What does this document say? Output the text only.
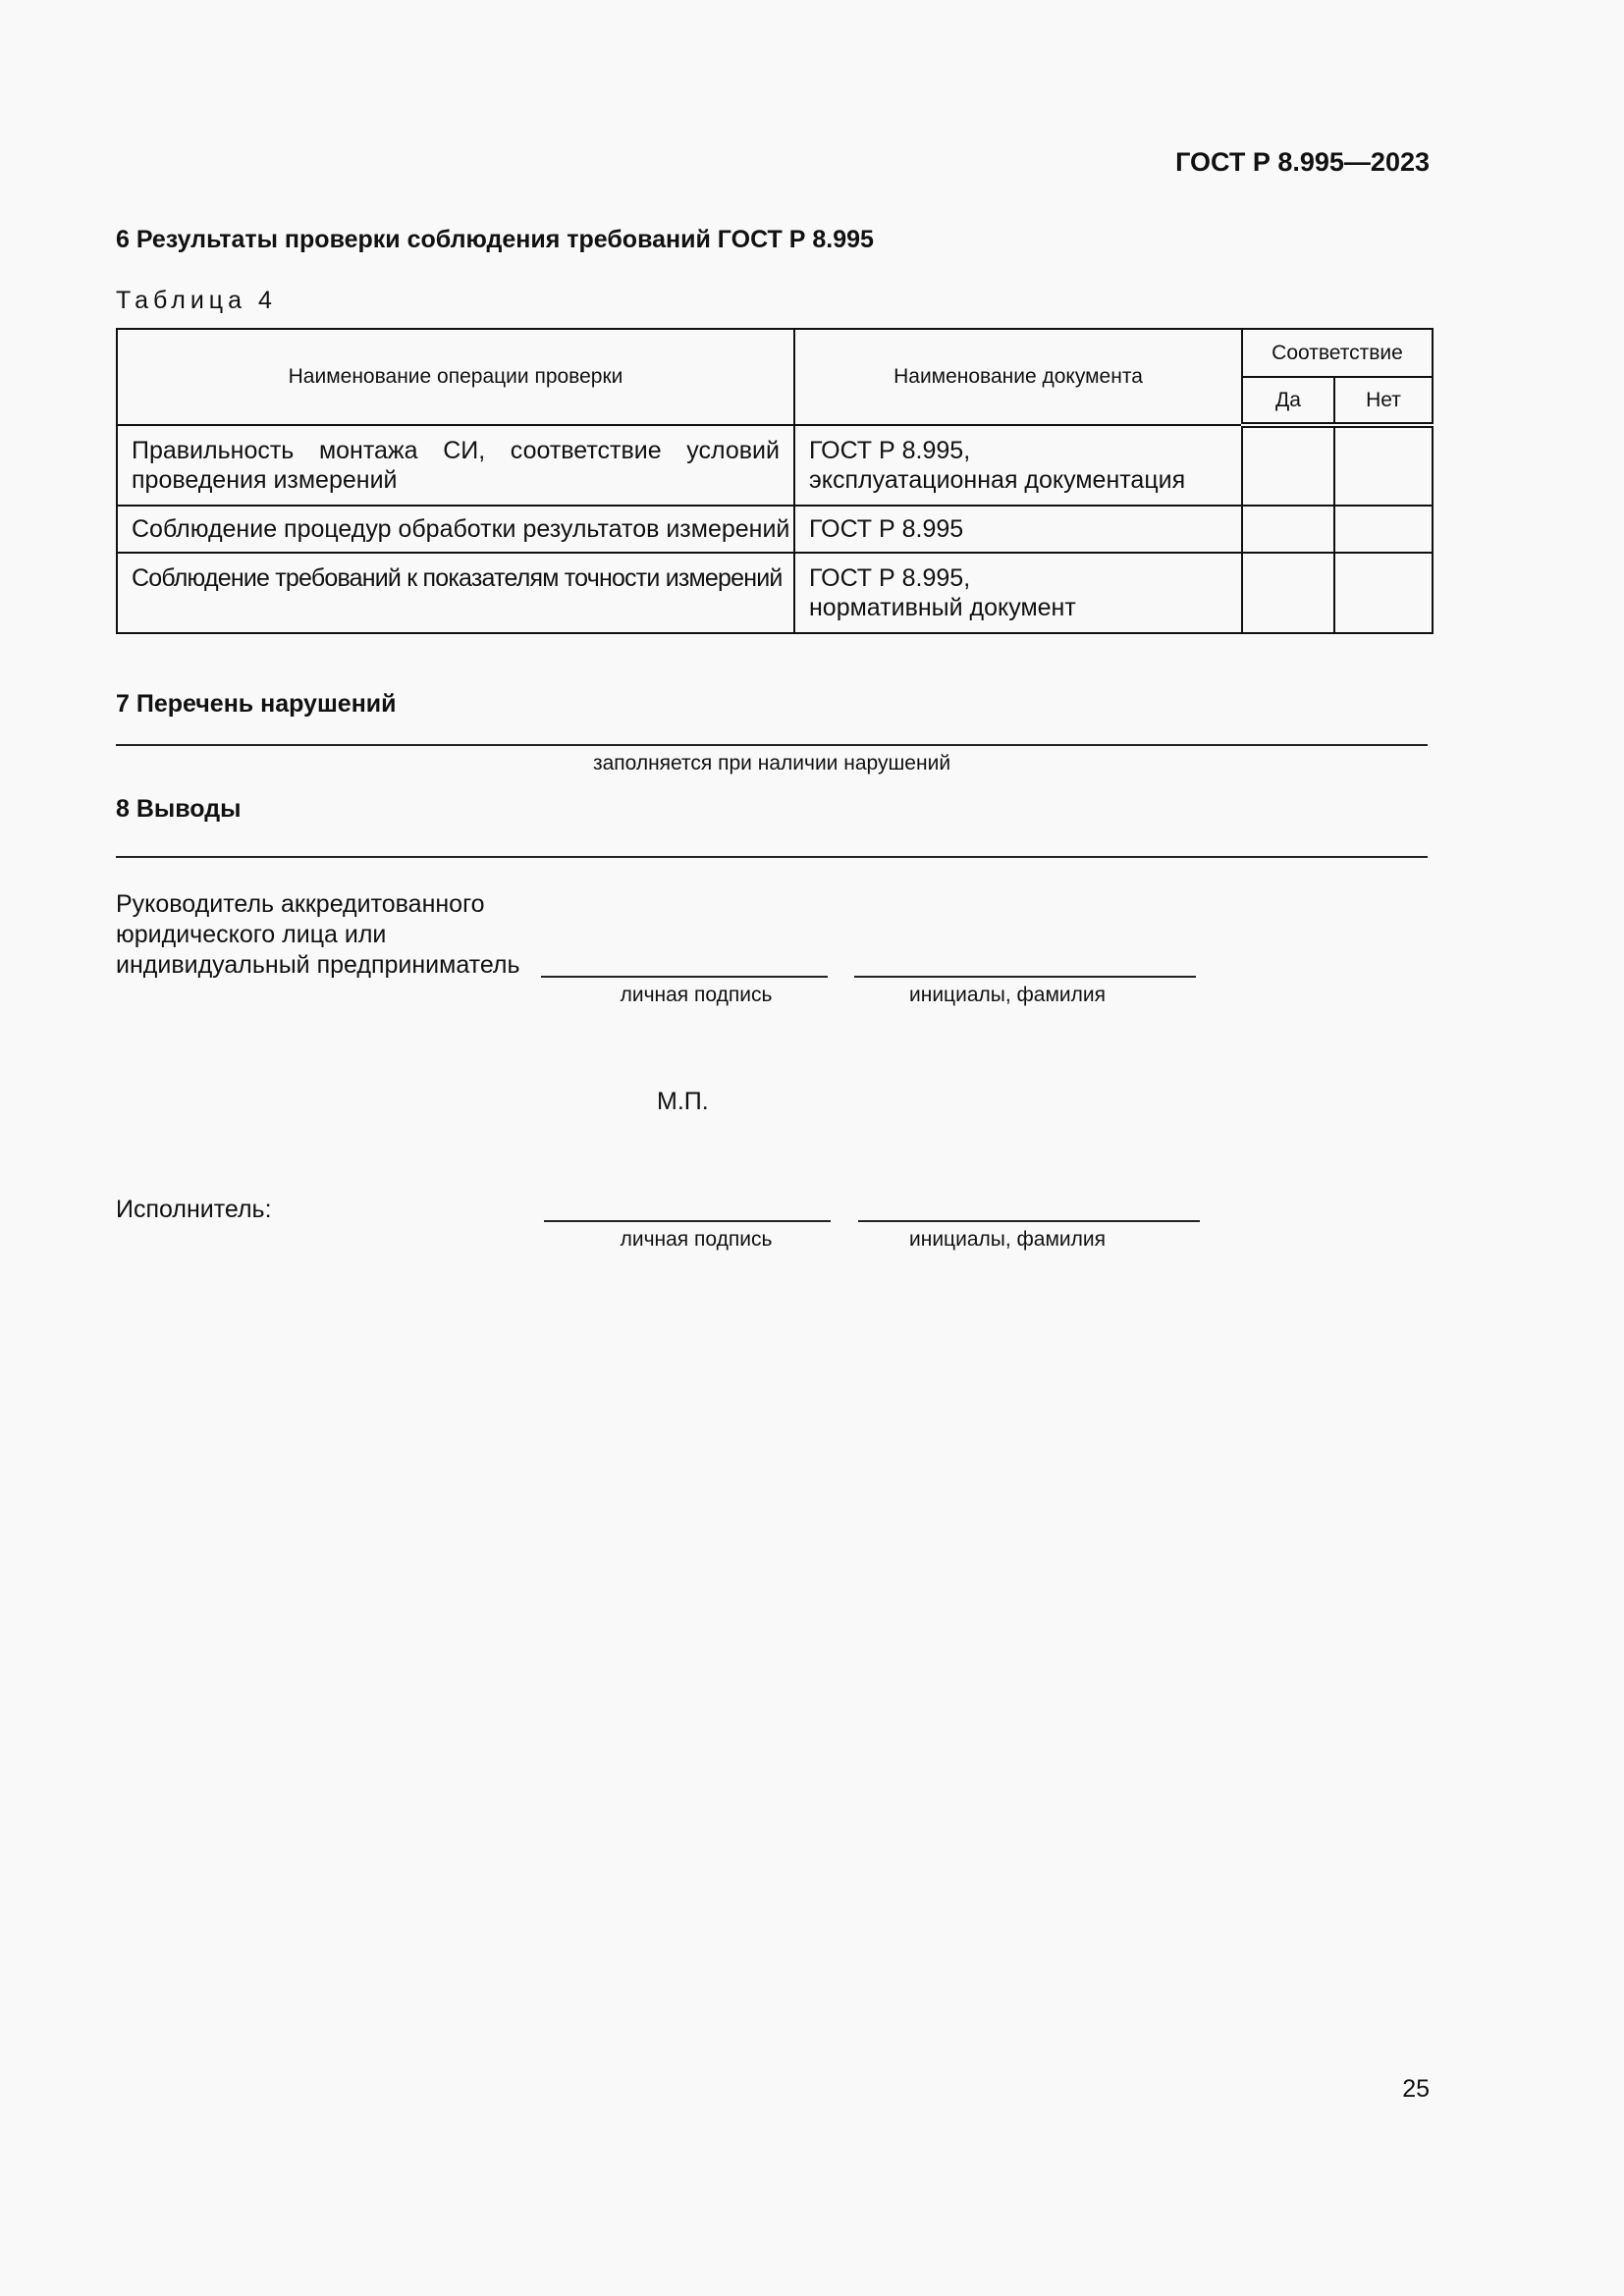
ГОСТ Р 8.995—2023
6 Результаты проверки соблюдения требований ГОСТ Р 8.995
Таблица 4
Наименование операции проверки	Наименование документа	Соответствие	
		Да	Нет
Правильность монтажа СИ, соответствие условий проведения измерений	ГОСТ Р 8.995,
эксплуатационная документация		

Соблюдение процедур обработки результатов измерений	ГОСТ Р 8.995		

Соблюдение требований к показателям точности измерений	ГОСТ Р 8.995,
нормативный документ		

7 Перечень нарушений
заполняется при наличии нарушений
8 Выводы
Руководитель аккредитованного
юридического лица или
индивидуальный предприниматель
личная подпись	инициалы, фамилия
М.П.
Исполнитель:
личная подпись	инициалы, фамилия
25
